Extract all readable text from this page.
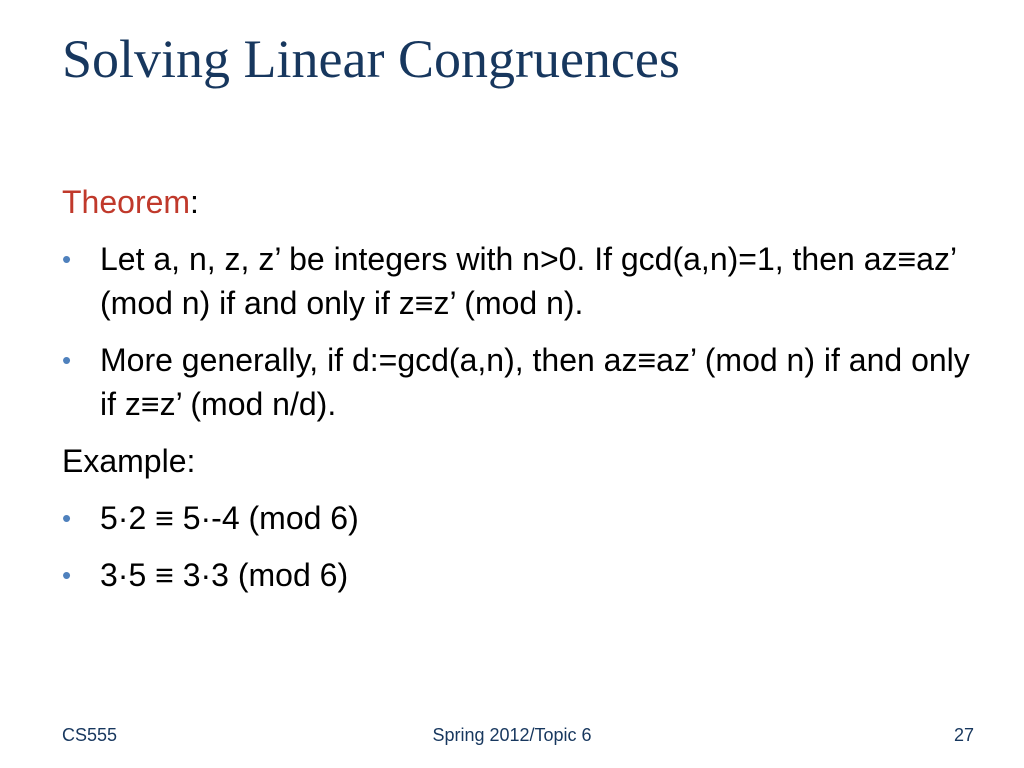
Solving Linear Congruences

Theorem:

• Let a, n, z, z’ be integers with n>0. If gcd(a,n)=1, then az≡az’ (mod n) if and only if z≡z’ (mod n).
• More generally, if d:=gcd(a,n), then az≡az’ (mod n) if and only if z≡z’ (mod n/d).

Example:

• 5·2 ≡ 5·-4 (mod 6)
• 3·5 ≡ 3·3 (mod 6)
CS555	Spring 2012/Topic 6	27
